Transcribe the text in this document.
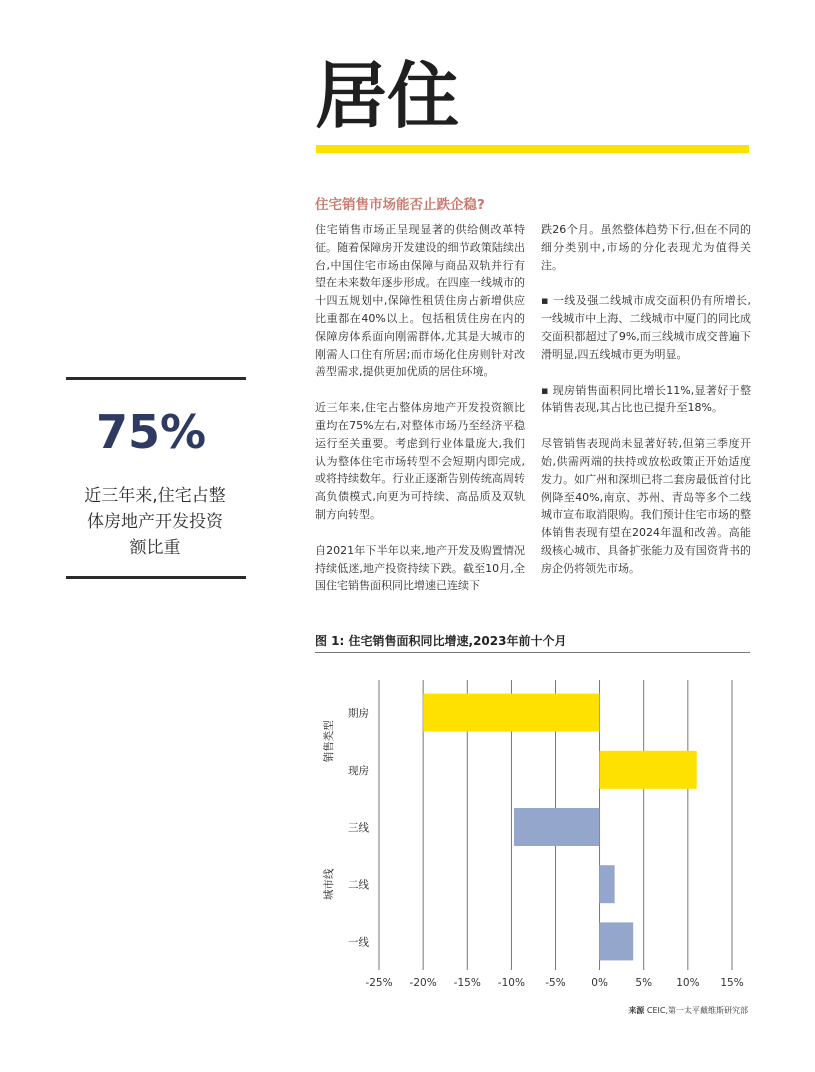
居住
住宅销售市场能否止跌企稳?

住宅销售市场正呈现显著的供给侧改革特征。随着保障房开发建设的细节政策陆续出台,中国住宅市场由保障与商品双轨并行有望在未来数年逐步形成。在四座一线城市的十四五规划中,保障性租赁住房占新增供应比重都在40%以上。包括租赁住房在内的保障房体系面向刚需群体,尤其是大城市的刚需人口住有所居;而市场化住房则针对改善型需求,提供更加优质的居住环境。

近三年来,住宅占整体房地产开发投资额比重均在75%左右,对整体市场乃至经济平稳运行至关重要。考虑到行业体量庞大,我们认为整体住宅市场转型不会短期内即完成,或将持续数年。行业正逐渐告别传统高周转高负债模式,向更为可持续、高品质及双轨制方向转型。

自2021年下半年以来,地产开发及购置情况持续低迷,地产投资持续下跌。截至10月,全国住宅销售面积同比增速已连续下

跌26个月。虽然整体趋势下行,但在不同的细分类别中,市场的分化表现尤为值得关注。

▪ 一线及强二线城市成交面积仍有所增长,一线城市中上海、二线城市中厦门的同比成交面积都超过了9%,而三线城市成交普遍下滑明显,四五线城市更为明显。

▪ 现房销售面积同比增长11%,显著好于整体销售表现,其占比也已提升至18%。

尽管销售表现尚未显著好转,但第三季度开始,供需两端的扶持或放松政策正开始适度发力。如广州和深圳已将二套房最低首付比例降至40%,南京、苏州、青岛等多个二线城市宣布取消限购。我们预计住宅市场的整体销售表现有望在2024年温和改善。高能级核心城市、具备扩张能力及有国资背书的房企仍将领先市场。

75%
近三年来,住宅占整体房地产开发投资额比重
图 1: 住宅销售面积同比增速,2023年前十个月
-25% -20% -15% -10% -5% 0%	5% 10% 15%
期房
现房
三线
二线
一线
销售类型
城市线
来源 CEIC,第一太平戴维斯研究部
